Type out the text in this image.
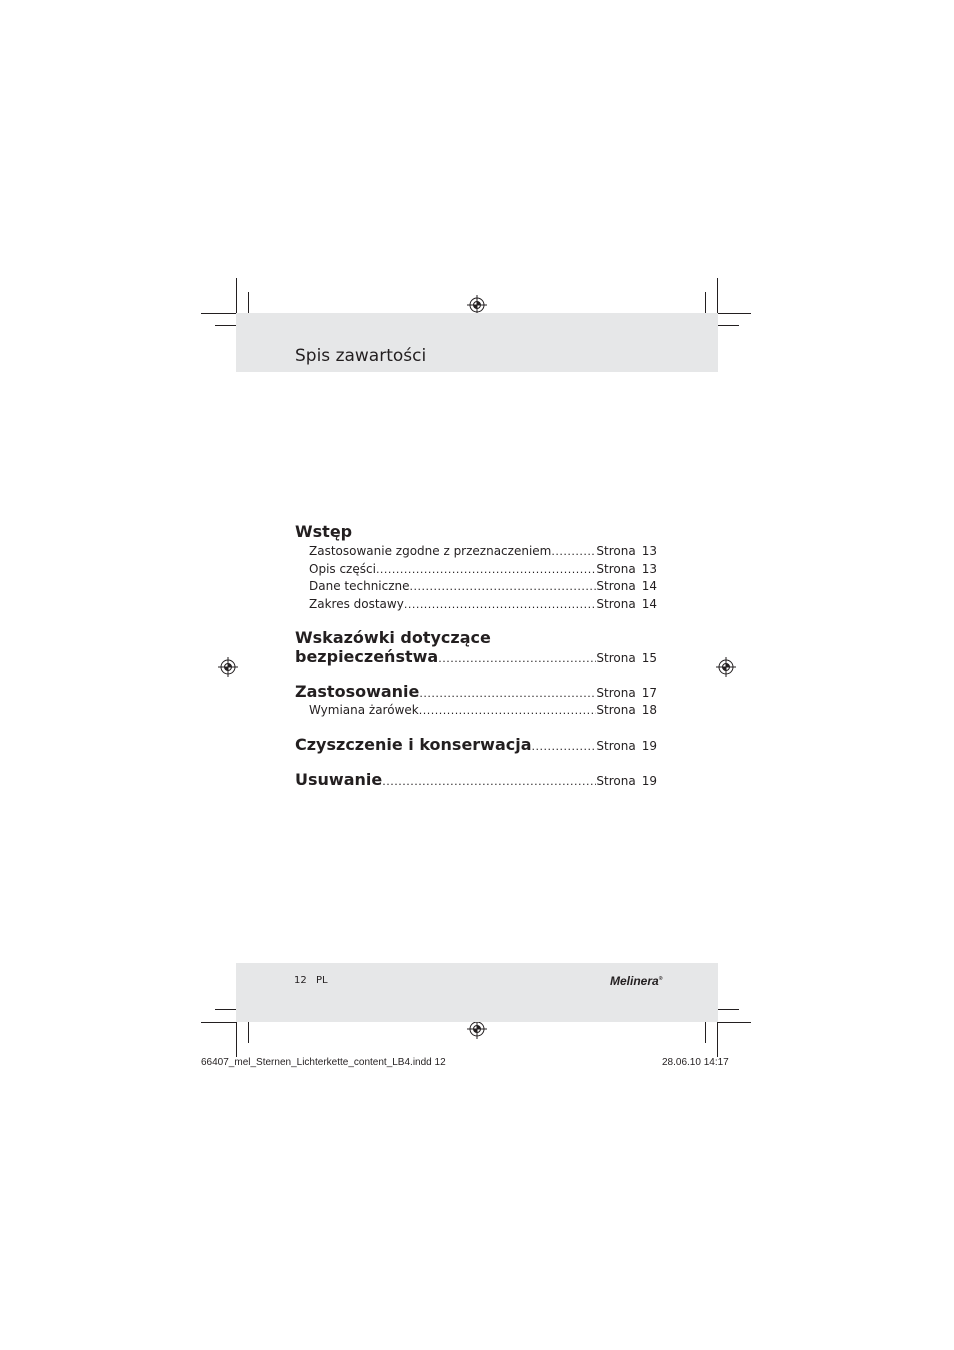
Spis zawartości
Wstęp
Zastosowanie zgodne z przeznaczeniem .....	Strona 13
Opis części .....	Strona 13
Dane techniczne .....	Strona 14
Zakres dostawy .....	Strona 14
Wskazówki dotyczące
bezpieczeństwa .....	Strona 15
Zastosowanie .....	Strona 17
Wymiana żarówek .....	Strona 18
Czyszczenie i konserwacja .....	Strona 19
Usuwanie .....	Strona 19
12 PL	Melinera®
66407_mel_Sternen_Lichterkette_content_LB4.indd 12	28.06.10 14:17
